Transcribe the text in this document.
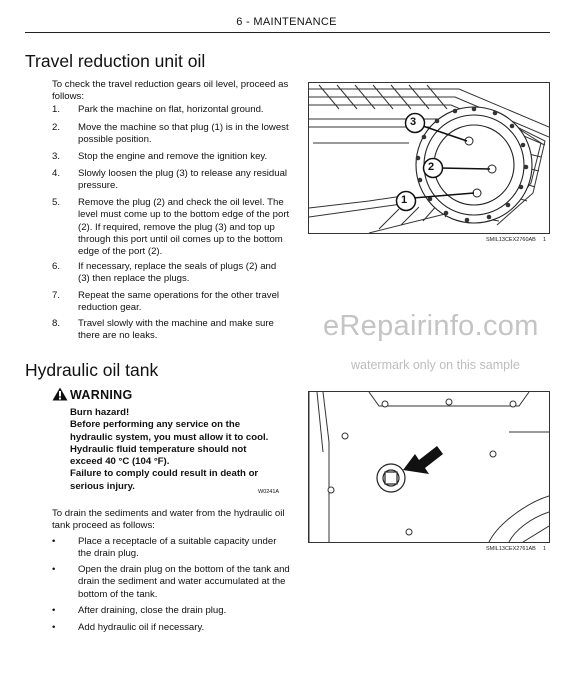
6 - MAINTENANCE
Travel reduction unit oil

To check the travel reduction gears oil level, proceed as follows:

1. Park the machine on flat, horizontal ground.
2. Move the machine so that plug (1) is in the lowest possible position.
3. Stop the engine and remove the ignition key.
4. Slowly loosen the plug (3) to release any residual pressure.
5. Remove the plug (2) and check the oil level. The level must come up to the bottom edge of the port (2). If required, remove the plug (3) and top up through this port until oil comes up to the bottom edge of the port (2).
6. If necessary, replace the seals of plugs (2) and (3) then replace the plugs.
7. Repeat the same operations for the other travel reduction gear.
8. Travel slowly with the machine and make sure there are no leaks.
3
2
1
SMIL13CEX2760AB 1
eRepairinfo.com
watermark only on this sample
Hydraulic oil tank
WARNING
Burn hazard!
Before performing any service on the hydraulic system, you must allow it to cool. Hydraulic fluid temperature should not exceed 40 °C (104 °F).
Failure to comply could result in death or serious injury.
W0241A

To drain the sediments and water from the hydraulic oil tank proceed as follows:

• Place a receptacle of a suitable capacity under the drain plug.
• Open the drain plug on the bottom of the tank and drain the sediment and water accumulated at the bottom of the tank.
• After draining, close the drain plug.
• Add hydraulic oil if necessary.
SMIL13CEX2761AB 1
